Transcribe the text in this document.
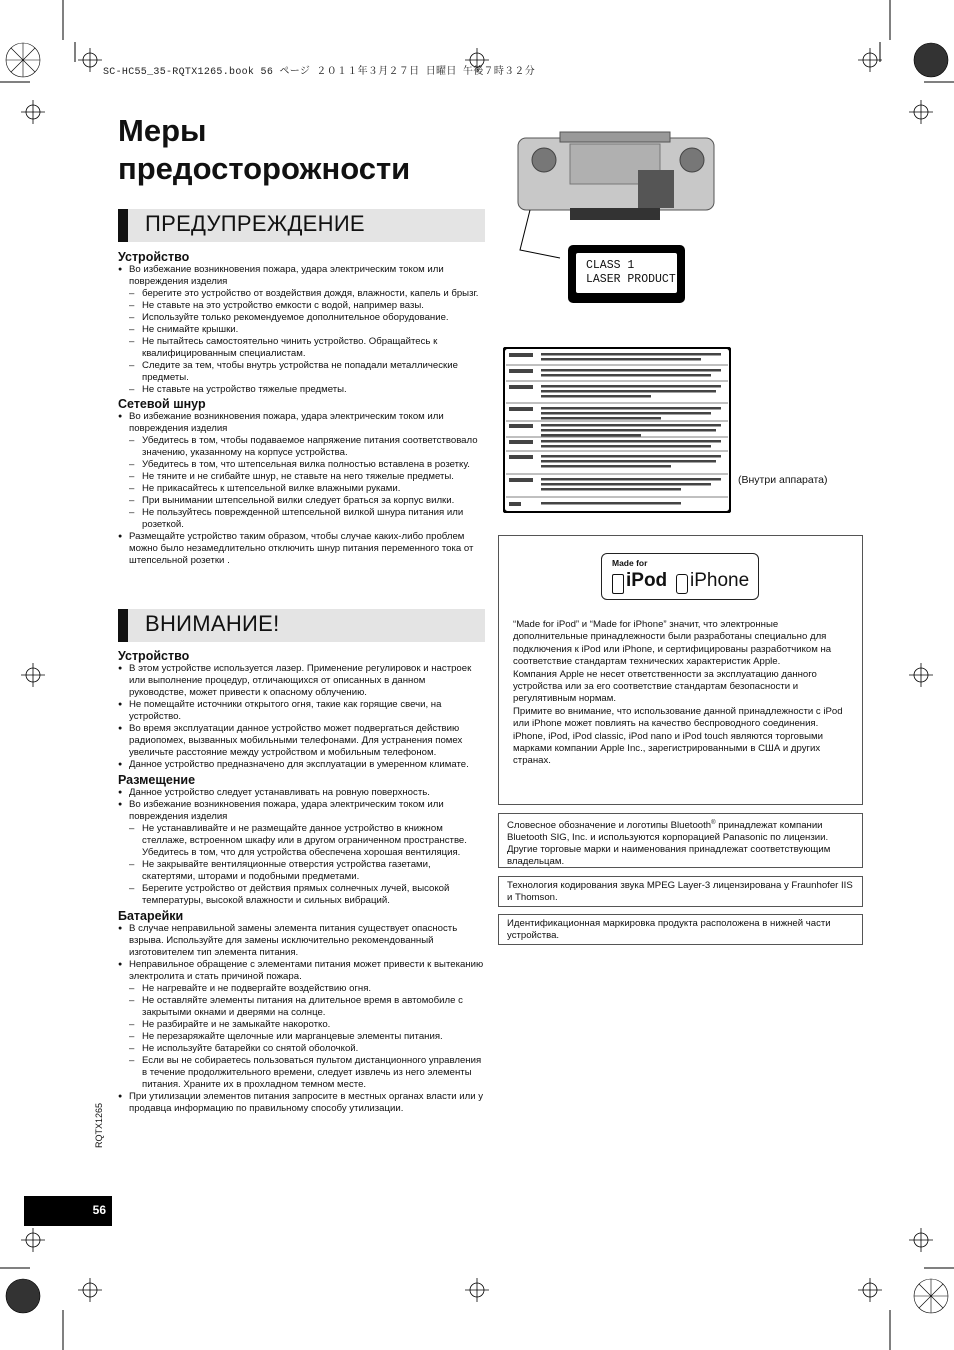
SC-HC55_35-RQTX1265.book 56 ページ ２０１１年３月２７日 日曜日 午後７時３２分
Меры
предосторожности
ПРЕДУПРЕЖДЕНИЕ
Устройство
● Во избежание возникновения пожара, удара электрическим током или повреждения изделия
– берегите это устройство от воздействия дождя, влажности, капель и брызг.
– Не ставьте на это устройство емкости с водой, например вазы.
– Используйте только рекомендуемое дополнительное оборудование.
– Не снимайте крышки.
– Не пытайтесь самостоятельно чинить устройство. Обращайтесь к квалифицированным специалистам.
– Следите за тем, чтобы внутрь устройства не попадали металлические предметы.
– Не ставьте на устройство тяжелые предметы.
Сетевой шнур
● Во избежание возникновения пожара, удара электрическим током или повреждения изделия
– Убедитесь в том, чтобы подаваемое напряжение питания соответствовало значению, указанному на корпусе устройства.
– Убедитесь в том, что штепсельная вилка полностью вставлена в розетку.
– Не тяните и не сгибайте шнур, не ставьте на него тяжелые предметы.
– Не прикасайтесь к штепсельной вилке влажными руками.
– При вынимании штепсельной вилки следует браться за корпус вилки.
– Не пользуйтесь поврежденной штепсельной вилкой шнура питания или розеткой.
● Размещайте устройство таким образом, чтобы случае каких-либо проблем можно было незамедлительно отключить шнур питания переменного тока от штепсельной розетки .
ВНИМАНИЕ!
Устройство
● В этом устройстве используется лазер. Применение регулировок и настроек или выполнение процедур, отличающихся от описанных в данном руководстве, может привести к опасному облучению.
● Не помещайте источники открытого огня, такие как горящие свечи, на устройство.
● Во время эксплуатации данное устройство может подвергаться действию радиопомех, вызванных мобильными телефонами. Для устранения помех увеличьте расстояние между устройством и мобильным телефоном.
● Данное устройство предназначено для эксплуатации в умеренном климате.
Размещение
● Данное устройство следует устанавливать на ровную поверхность.
● Во избежание возникновения пожара, удара электрическим током или повреждения изделия
– Не устанавливайте и не размещайте данное устройство в книжном стеллаже, встроенном шкафу или в другом ограниченном пространстве. Убедитесь в том, что для устройства обеспечена хорошая вентиляция.
– Не закрывайте вентиляционные отверстия устройства газетами, скатертями, шторами и подобными предметами.
– Берегите устройство от действия прямых солнечных лучей, высокой температуры, высокой влажности и сильных вибраций.
Батарейки
● В случае неправильной замены элемента питания существует опасность взрыва. Используйте для замены исключительно рекомендованный изготовителем тип элемента питания.
● Неправильное обращение с элементами питания может привести к вытеканию электролита и стать причиной пожара.
– Не нагревайте и не подвергайте воздействию огня.
– Не оставляйте элементы питания на длительное время в автомобиле с закрытыми окнами и дверями на солнце.
– Не разбирайте и не замыкайте накоротко.
– Не перезаряжайте щелочные или марганцевые элементы питания.
– Не используйте батарейки со снятой оболочкой.
– Если вы не собираетесь пользоваться пультом дистанционного управления в течение продолжительного времени, следует извлечь из него элементы питания. Храните их в прохладном темном месте.
● При утилизации элементов питания запросите в местных органах власти или у продавца информацию по правильному способу утилизации.
CLASS 1
LASER PRODUCT
(Внутри аппарата)
Made for
iPod iPhone
“Made for iPod” и “Made for iPhone” значит, что электронные дополнительные принадлежности были разработаны специально для подключения к iPod или iPhone, и сертифицированы разработчиком на соответствие стандартам технических характеристик Apple.
Компания Apple не несет ответственности за эксплуатацию данного устройства или за его соответствие стандартам безопасности и регулятивным нормам.
Примите во внимание, что использование данной принадлежности с iPod или iPhone может повлиять на качество беспроводного соединения.
iPhone, iPod, iPod classic, iPod nano и iPod touch являются торговыми марками компании Apple Inc., зарегистрированными в США и других странах.
Словесное обозначение и логотипы Bluetooth® принадлежат компании Bluetooth SIG, Inc. и используются корпорацией Panasonic по лицензии. Другие торговые марки и наименования принадлежат соответствующим владельцам.
Технология кодирования звука MPEG Layer-3 лицензирована у Fraunhofer IIS и Thomson.
Идентификационная маркировка продукта расположена в нижней части устройства.
RQTX1265
56
